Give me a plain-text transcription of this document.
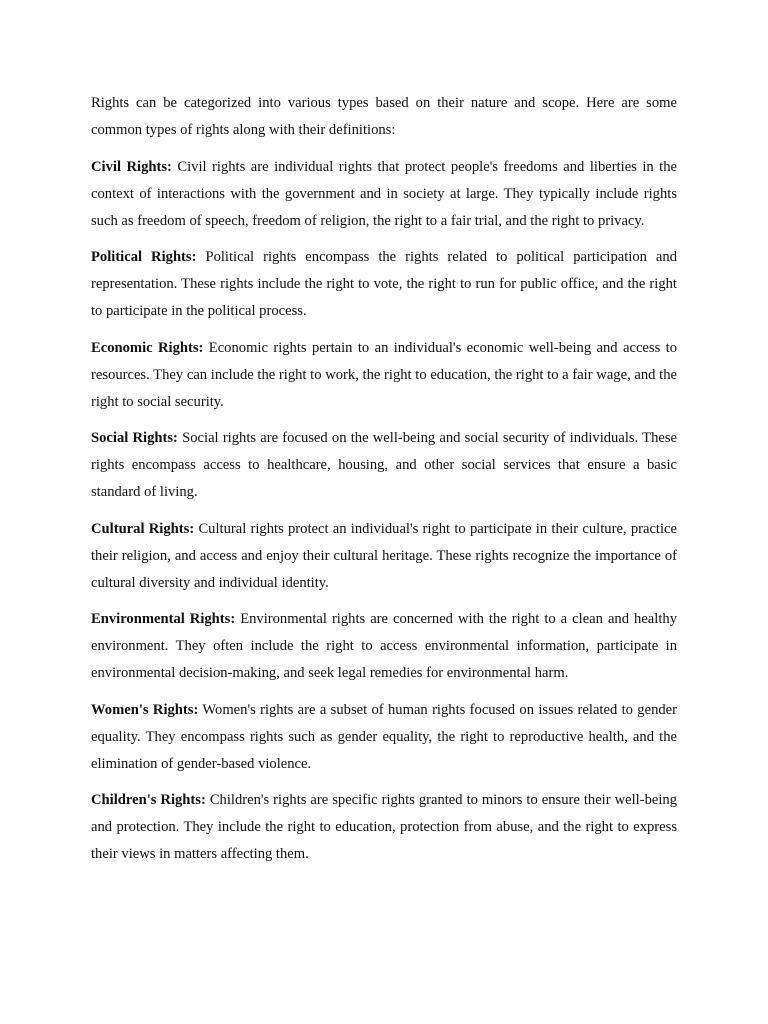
Rights can be categorized into various types based on their nature and scope. Here are some common types of rights along with their definitions:

Civil Rights: Civil rights are individual rights that protect people's freedoms and liberties in the context of interactions with the government and in society at large. They typically include rights such as freedom of speech, freedom of religion, the right to a fair trial, and the right to privacy.

Political Rights: Political rights encompass the rights related to political participation and representation. These rights include the right to vote, the right to run for public office, and the right to participate in the political process.

Economic Rights: Economic rights pertain to an individual's economic well-being and access to resources. They can include the right to work, the right to education, the right to a fair wage, and the right to social security.

Social Rights: Social rights are focused on the well-being and social security of individuals. These rights encompass access to healthcare, housing, and other social services that ensure a basic standard of living.

Cultural Rights: Cultural rights protect an individual's right to participate in their culture, practice their religion, and access and enjoy their cultural heritage. These rights recognize the importance of cultural diversity and individual identity.

Environmental Rights: Environmental rights are concerned with the right to a clean and healthy environment. They often include the right to access environmental information, participate in environmental decision-making, and seek legal remedies for environmental harm.

Women's Rights: Women's rights are a subset of human rights focused on issues related to gender equality. They encompass rights such as gender equality, the right to reproductive health, and the elimination of gender-based violence.

Children's Rights: Children's rights are specific rights granted to minors to ensure their well-being and protection. They include the right to education, protection from abuse, and the right to express their views in matters affecting them.
